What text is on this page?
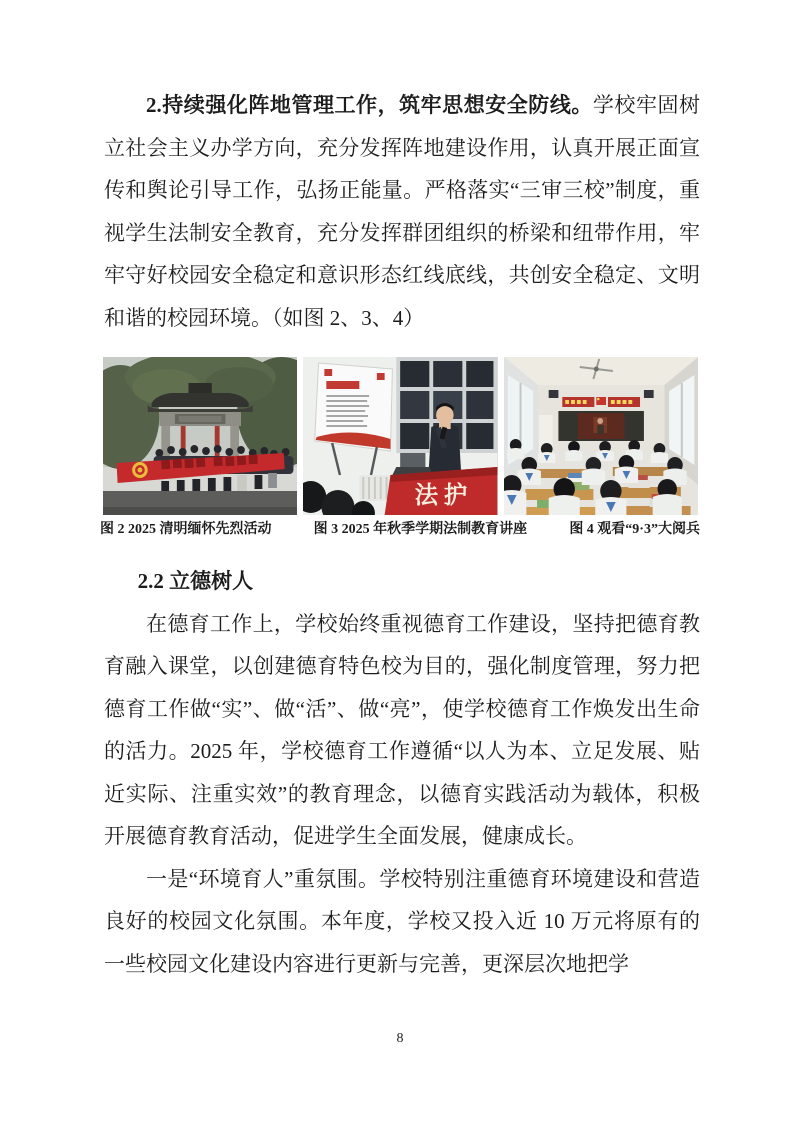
2.持续强化阵地管理工作，筑牢思想安全防线。学校牢固树立社会主义办学方向，充分发挥阵地建设作用，认真开展正面宣传和舆论引导工作，弘扬正能量。严格落实“三审三校”制度，重视学生法制安全教育，充分发挥群团组织的桥梁和纽带作用，牢牢守好校园安全稳定和意识形态红线底线，共创安全稳定、文明和谐的校园环境。（如图 2、3、4）

法 护
图 2 2025 清明缅怀先烈活动	图 3 2025 年秋季学期法制教育讲座	图 4 观看“9·3”大阅兵
2.2 立德树人

在德育工作上，学校始终重视德育工作建设，坚持把德育教育融入课堂，以创建德育特色校为目的，强化制度管理，努力把德育工作做“实”、做“活”、做“亮”，使学校德育工作焕发出生命的活力。2025 年，学校德育工作遵循“以人为本、立足发展、贴近实际、注重实效”的教育理念，以德育实践活动为载体，积极开展德育教育活动，促进学生全面发展，健康成长。

一是“环境育人”重氛围。学校特别注重德育环境建设和营造良好的校园文化氛围。本年度，学校又投入近 10 万元将原有的一些校园文化建设内容进行更新与完善，更深层次地把学

8
